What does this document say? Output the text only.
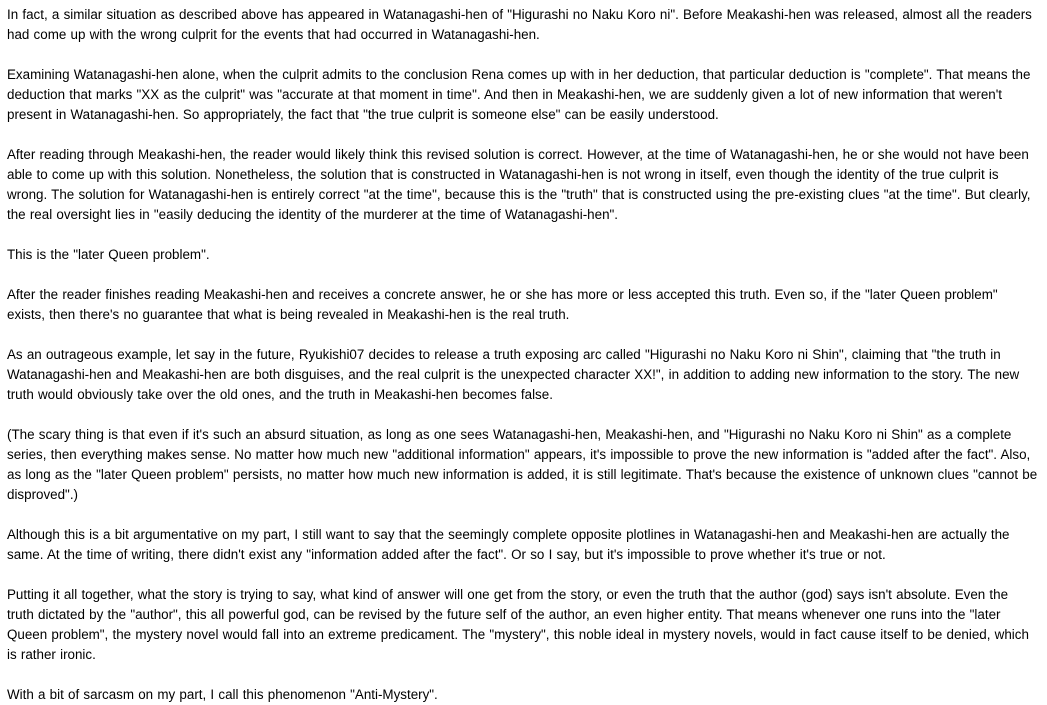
In fact, a similar situation as described above has appeared in Watanagashi-hen of "Higurashi no Naku Koro ni". Before Meakashi-hen was released, almost all the readers had come up with the wrong culprit for the events that had occurred in Watanagashi-hen.

Examining Watanagashi-hen alone, when the culprit admits to the conclusion Rena comes up with in her deduction, that particular deduction is "complete". That means the deduction that marks "XX as the culprit" was "accurate at that moment in time". And then in Meakashi-hen, we are suddenly given a lot of new information that weren't present in Watanagashi-hen. So appropriately, the fact that "the true culprit is someone else" can be easily understood.

After reading through Meakashi-hen, the reader would likely think this revised solution is correct. However, at the time of Watanagashi-hen, he or she would not have been able to come up with this solution. Nonetheless, the solution that is constructed in Watanagashi-hen is not wrong in itself, even though the identity of the true culprit is wrong. The solution for Watanagashi-hen is entirely correct "at the time", because this is the "truth" that is constructed using the pre-existing clues "at the time". But clearly, the real oversight lies in "easily deducing the identity of the murderer at the time of Watanagashi-hen".

This is the "later Queen problem".

After the reader finishes reading Meakashi-hen and receives a concrete answer, he or she has more or less accepted this truth. Even so, if the "later Queen problem" exists, then there's no guarantee that what is being revealed in Meakashi-hen is the real truth.

As an outrageous example, let say in the future, Ryukishi07 decides to release a truth exposing arc called "Higurashi no Naku Koro ni Shin", claiming that "the truth in Watanagashi-hen and Meakashi-hen are both disguises, and the real culprit is the unexpected character XX!", in addition to adding new information to the story. The new truth would obviously take over the old ones, and the truth in Meakashi-hen becomes false.

(The scary thing is that even if it's such an absurd situation, as long as one sees Watanagashi-hen, Meakashi-hen, and "Higurashi no Naku Koro ni Shin" as a complete series, then everything makes sense. No matter how much new "additional information" appears, it's impossible to prove the new information is "added after the fact". Also, as long as the "later Queen problem" persists, no matter how much new information is added, it is still legitimate. That's because the existence of unknown clues "cannot be disproved".)

Although this is a bit argumentative on my part, I still want to say that the seemingly complete opposite plotlines in Watanagashi-hen and Meakashi-hen are actually the same. At the time of writing, there didn't exist any "information added after the fact". Or so I say, but it's impossible to prove whether it's true or not.

Putting it all together, what the story is trying to say, what kind of answer will one get from the story, or even the truth that the author (god) says isn't absolute. Even the truth dictated by the "author", this all powerful god, can be revised by the future self of the author, an even higher entity. That means whenever one runs into the "later Queen problem", the mystery novel would fall into an extreme predicament. The "mystery", this noble ideal in mystery novels, would in fact cause itself to be denied, which is rather ironic.

With a bit of sarcasm on my part, I call this phenomenon "Anti-Mystery".
